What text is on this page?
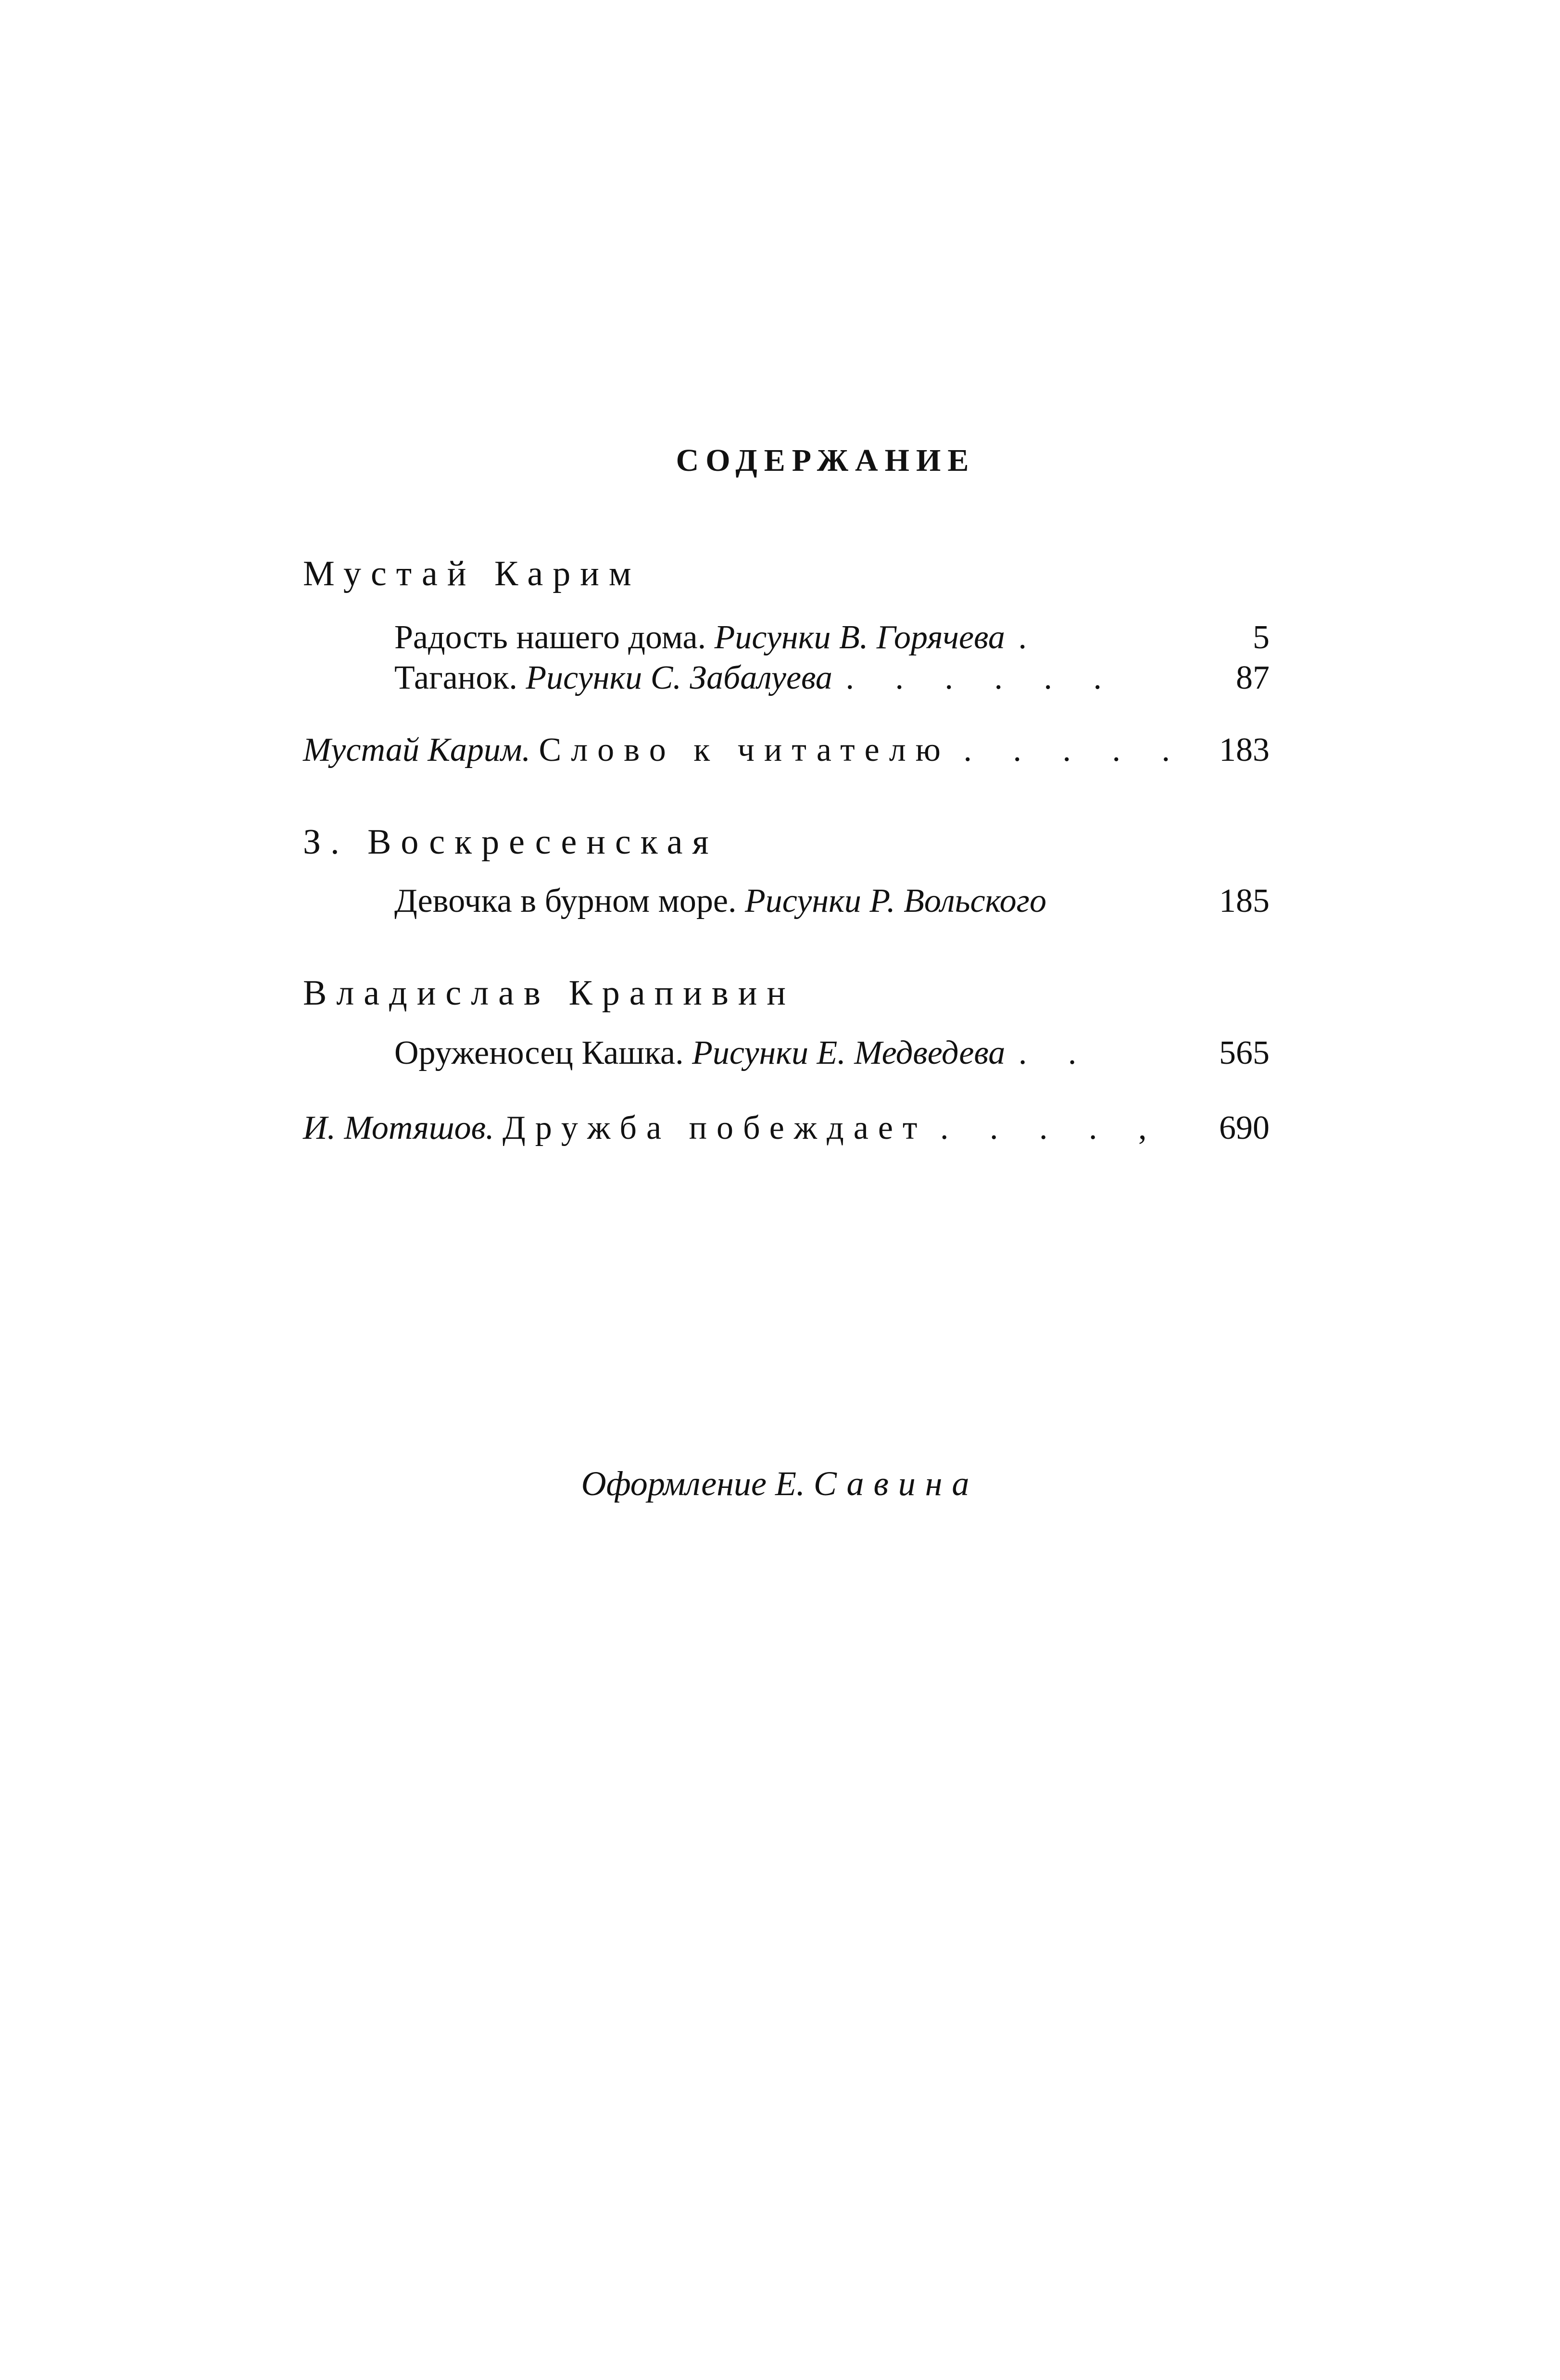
СОДЕРЖАНИЕ
Мустай Карим
Радость нашего дома. Рисунки В. Горячева .	5
Таганок. Рисунки С. Забалуева . . . . . .	87
Мустай Карим. Слово к читателю . . . . . 183
З. Воскресенская
Девочка в бурном море. Рисунки Р. Вольского	185
Владислав Крапивин
Оруженосец Кашка. Рисунки Е. Медведева . .	565
И. Мотяшов. Дружба побеждает . . . . , 690
Оформление Е. Савина
